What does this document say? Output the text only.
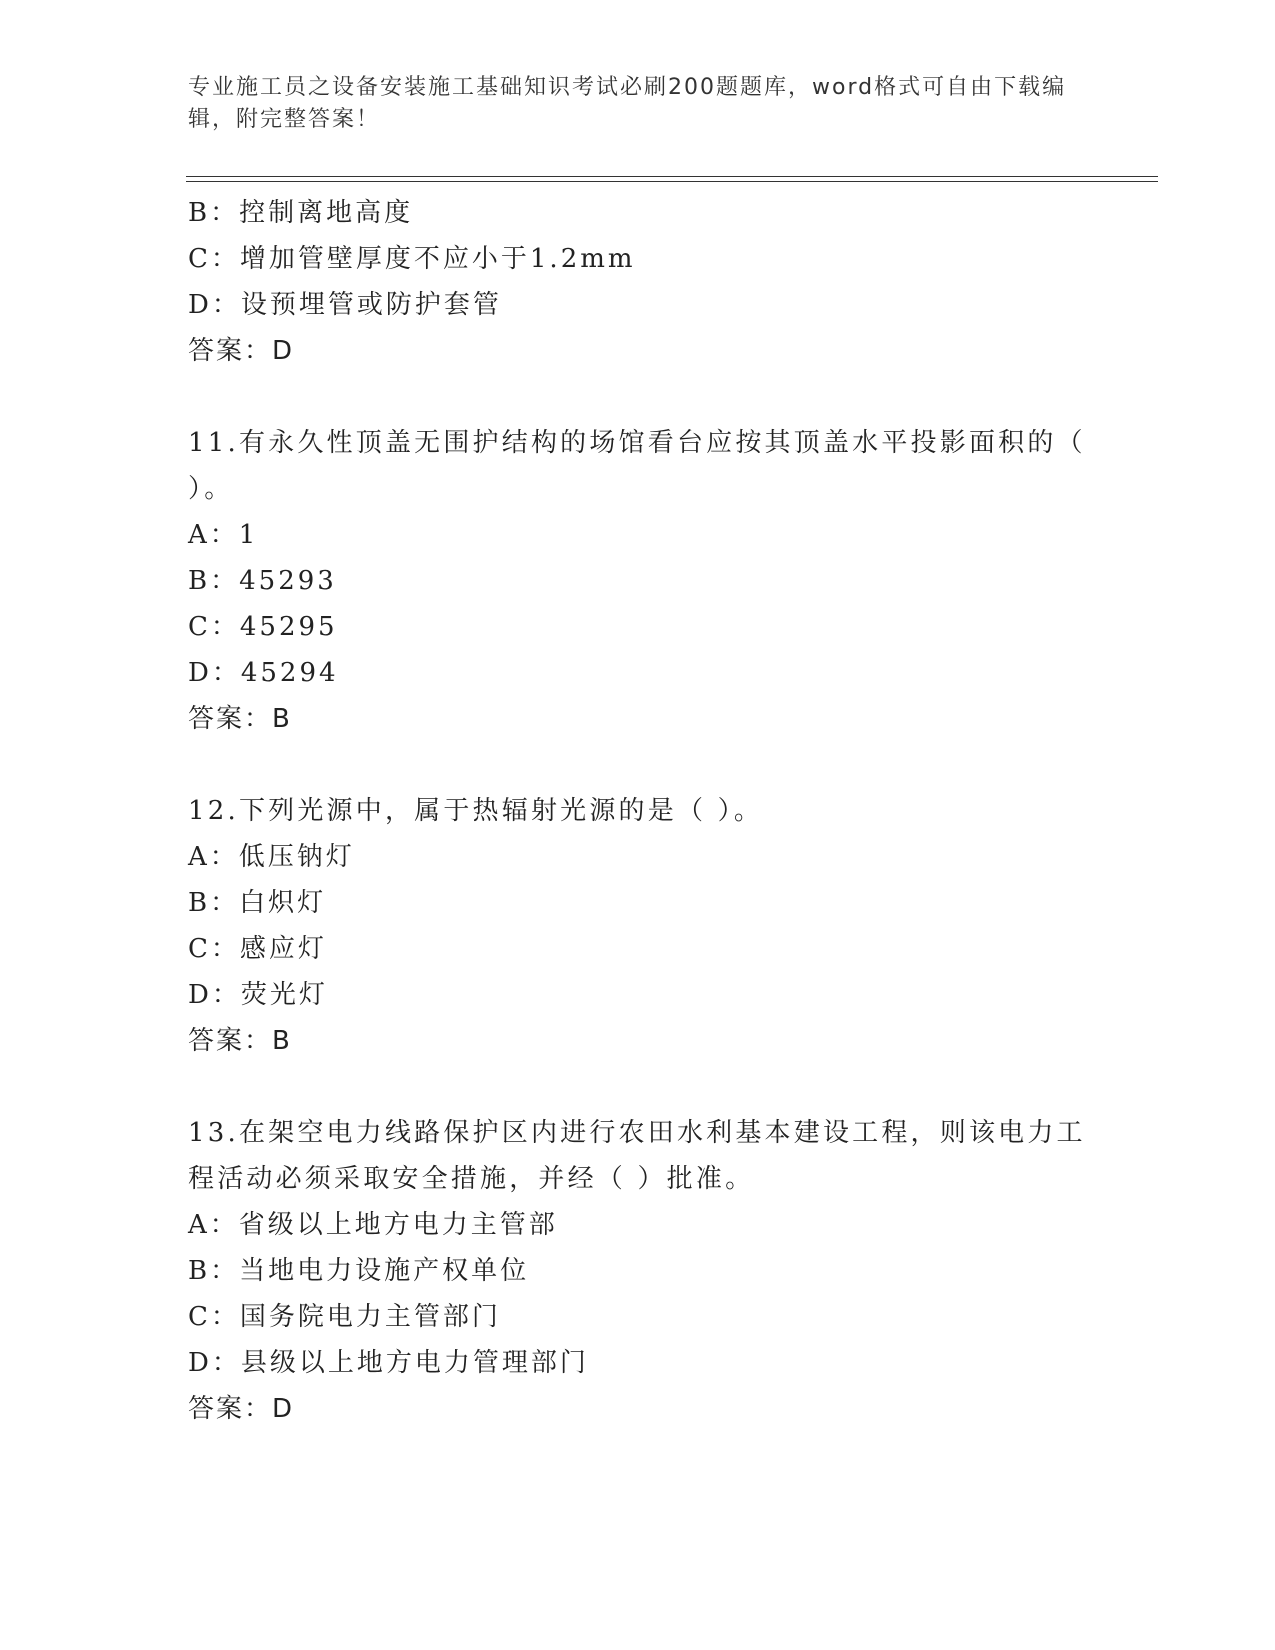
专业施工员之设备安装施工基础知识考试必刷200题题库，word格式可自由下载编辑，附完整答案！
B：控制离地高度
C：增加管壁厚度不应小于1.2mm
D：设预埋管或防护套管
答案：D
11.有永久性顶盖无围护结构的场馆看台应按其顶盖水平投影面积的（ ）。
A：1
B：45293
C：45295
D：45294
答案：B
12.下列光源中，属于热辐射光源的是（ ）。
A：低压钠灯
B：白炽灯
C：感应灯
D：荧光灯
答案：B
13.在架空电力线路保护区内进行农田水利基本建设工程，则该电力工程活动必须采取安全措施，并经（ ）批准。
A：省级以上地方电力主管部
B：当地电力设施产权单位
C：国务院电力主管部门
D：县级以上地方电力管理部门
答案：D
